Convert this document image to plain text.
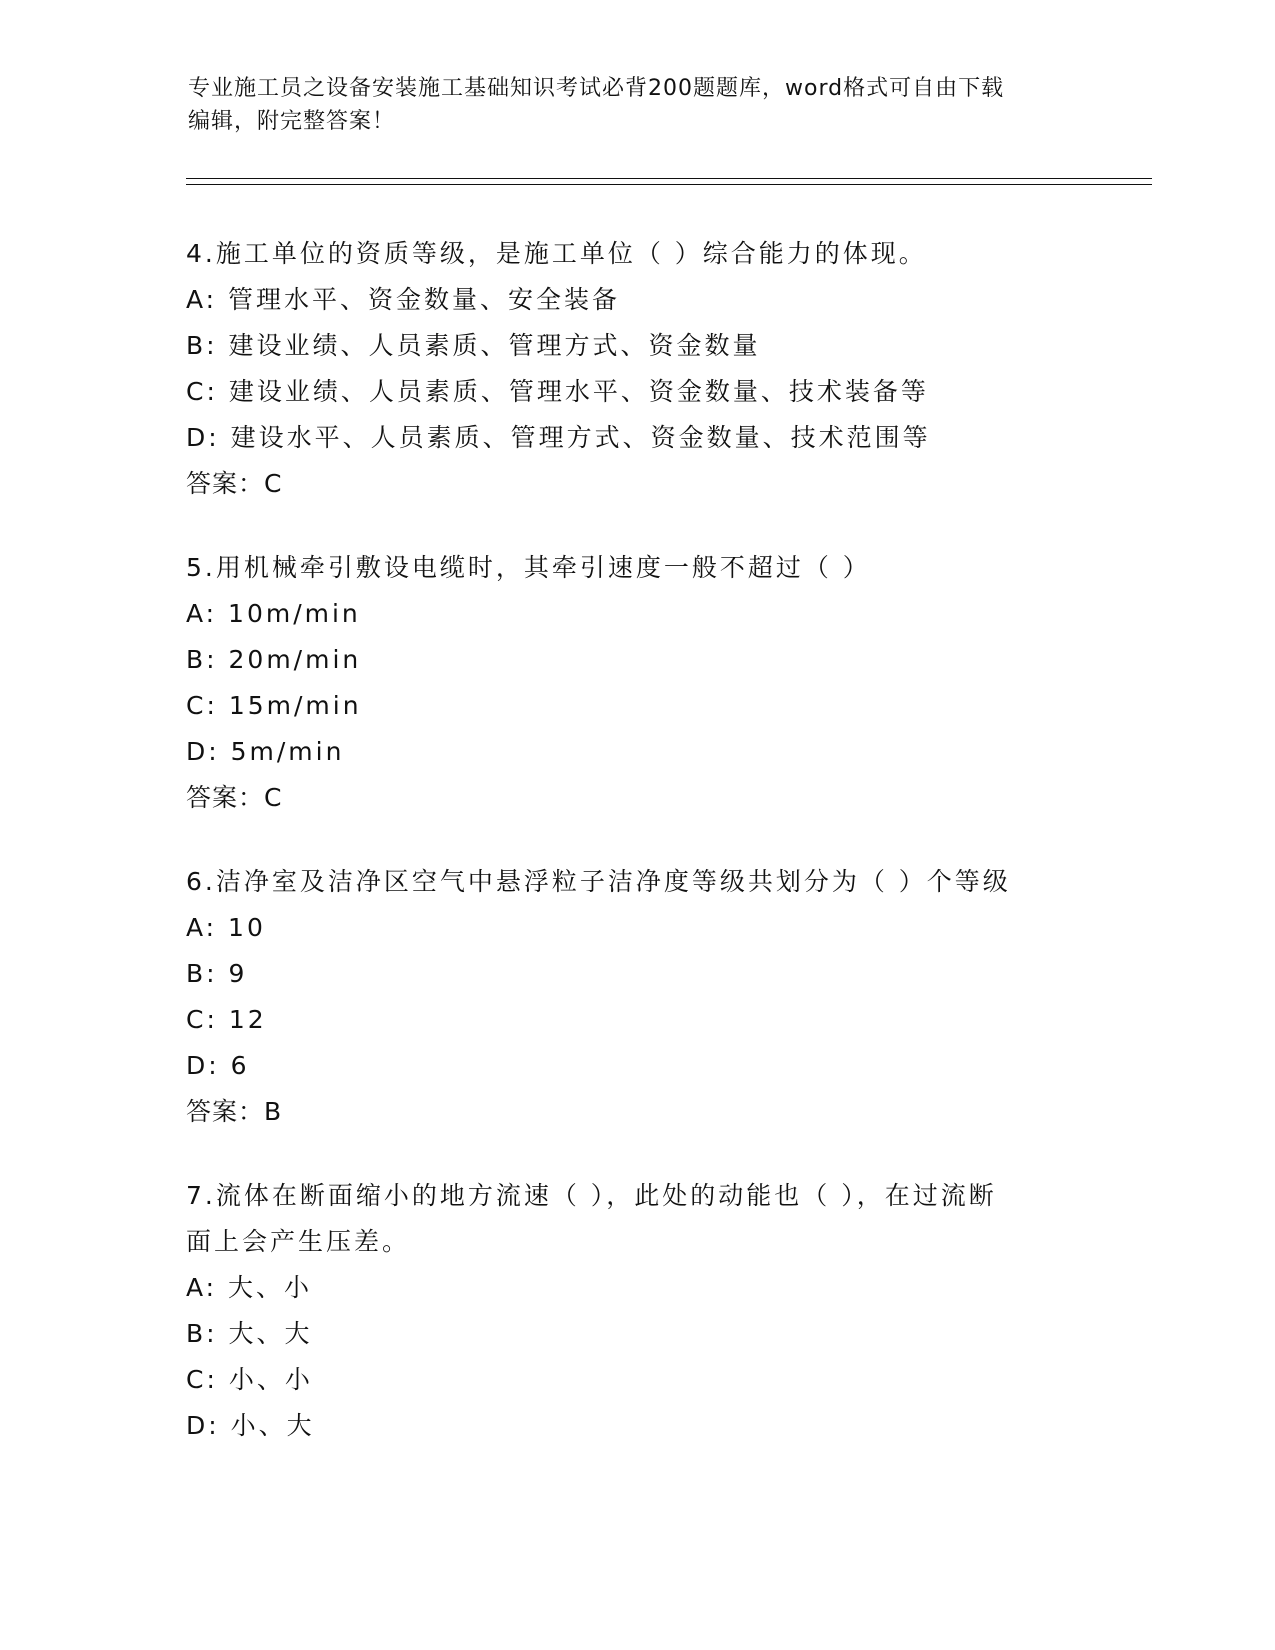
专业施工员之设备安装施工基础知识考试必背200题题库，word格式可自由下载
编辑，附完整答案！
4.施工单位的资质等级，是施工单位（ ）综合能力的体现。
A: 管理水平、资金数量、安全装备
B: 建设业绩、人员素质、管理方式、资金数量
C: 建设业绩、人员素质、管理水平、资金数量、技术装备等
D: 建设水平、人员素质、管理方式、资金数量、技术范围等
答案：C
5.用机械牵引敷设电缆时，其牵引速度一般不超过（ ）
A: 10m/min
B: 20m/min
C: 15m/min
D: 5m/min
答案：C
6.洁净室及洁净区空气中悬浮粒子洁净度等级共划分为（ ）个等级
A: 10
B: 9
C: 12
D: 6
答案：B
7.流体在断面缩小的地方流速（ ），此处的动能也（ ），在过流断
面上会产生压差。
A: 大、小
B: 大、大
C: 小、小
D: 小、大
